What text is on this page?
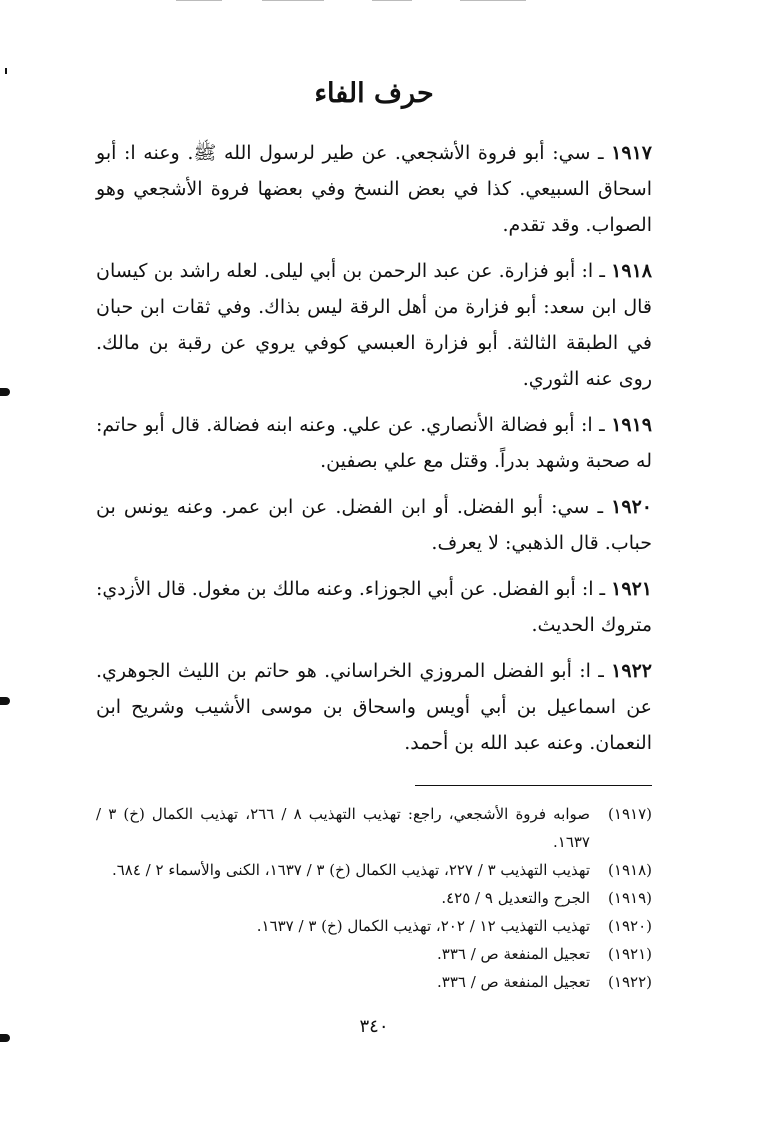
حرف الفاء
١٩١٧ ـ سي: أبو فروة الأشجعي. عن طير لرسول الله ﷺ. وعنه ا: أبو اسحاق السبيعي. كذا في بعض النسخ وفي بعضها فروة الأشجعي وهو الصواب. وقد تقدم.
١٩١٨ ـ ا: أبو فزارة. عن عبد الرحمن بن أبي ليلى. لعله راشد بن كيسان قال ابن سعد: أبو فزارة من أهل الرقة ليس بذاك. وفي ثقات ابن حبان في الطبقة الثالثة. أبو فزارة العبسي كوفي يروي عن رقبة بن مالك. روى عنه الثوري.
١٩١٩ ـ ا: أبو فضالة الأنصاري. عن علي. وعنه ابنه فضالة. قال أبو حاتم: له صحبة وشهد بدراً. وقتل مع علي بصفين.
١٩٢٠ ـ سي: أبو الفضل. أو ابن الفضل. عن ابن عمر. وعنه يونس بن حباب. قال الذهبي: لا يعرف.
١٩٢١ ـ ا: أبو الفضل. عن أبي الجوزاء. وعنه مالك بن مغول. قال الأزدي: متروك الحديث.
١٩٢٢ ـ ا: أبو الفضل المروزي الخراساني. هو حاتم بن الليث الجوهري. عن اسماعيل بن أبي أويس واسحاق بن موسى الأشيب وشريح ابن النعمان. وعنه عبد الله بن أحمد.
(١٩١٧)
صوابه فروة الأشجعي، راجع: تهذيب التهذيب ٨ / ٢٦٦، تهذيب الكمال (خ) ٣ / ١٦٣٧.
(١٩١٨)
تهذيب التهذيب ٣ / ٢٢٧، تهذيب الكمال (خ) ٣ / ١٦٣٧، الكنى والأسماء ٢ / ٦٨٤.
(١٩١٩)
الجرح والتعديل ٩ / ٤٢٥.
(١٩٢٠)
تهذيب التهذيب ١٢ / ٢٠٢، تهذيب الكمال (خ) ٣ / ١٦٣٧.
(١٩٢١)
تعجيل المنفعة ص / ٣٣٦.
(١٩٢٢)
تعجيل المنفعة ص / ٣٣٦.
٣٤٠
